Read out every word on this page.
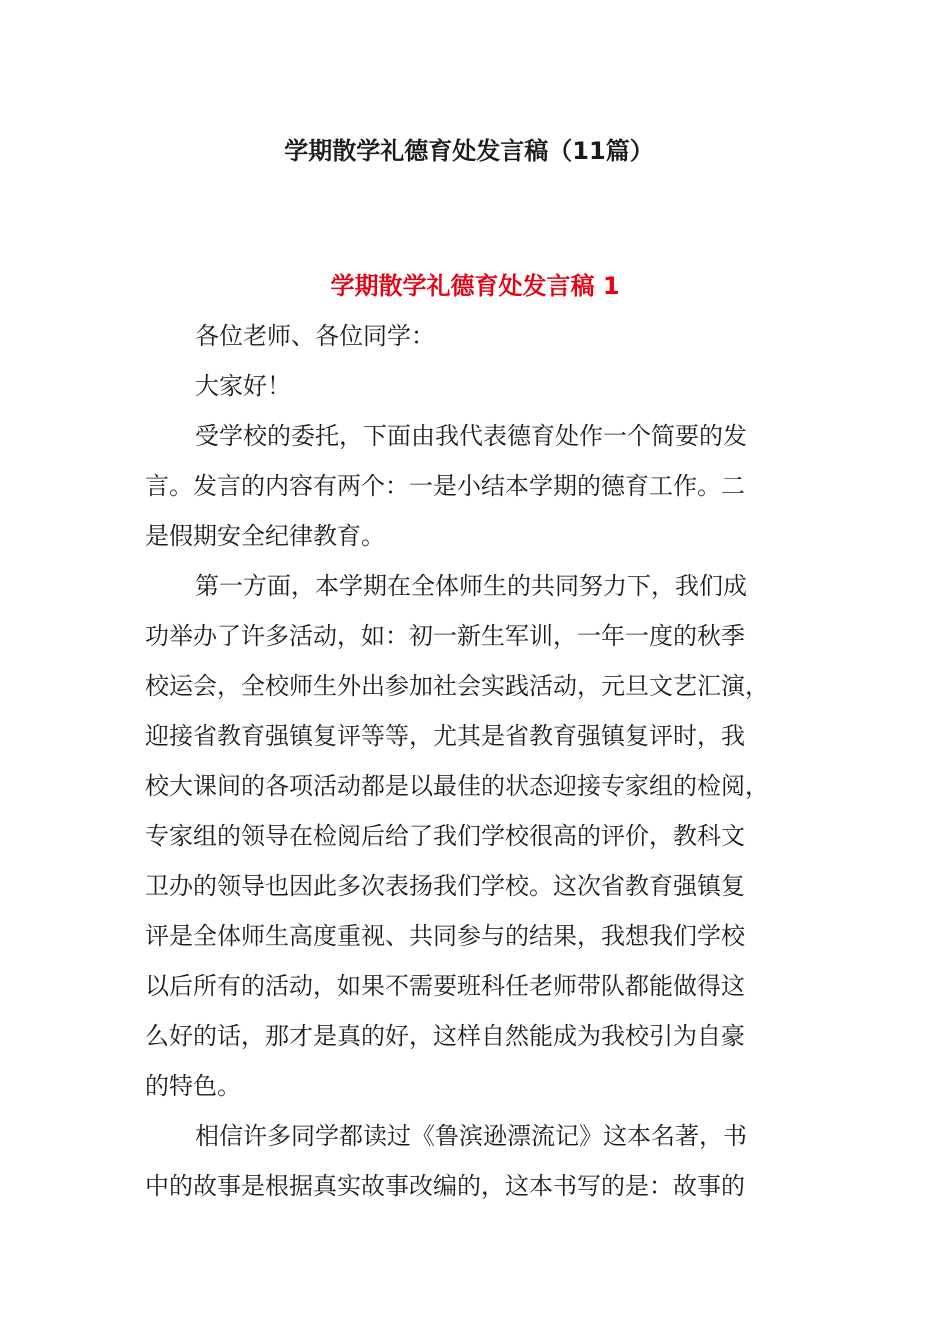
学期散学礼德育处发言稿（11篇）
学期散学礼德育处发言稿 1
各位老师、各位同学：
大家好！
受学校的委托，下面由我代表德育处作一个简要的发
言。发言的内容有两个：一是小结本学期的德育工作。二
是假期安全纪律教育。
第一方面，本学期在全体师生的共同努力下，我们成
功举办了许多活动，如：初一新生军训，一年一度的秋季
校运会，全校师生外出参加社会实践活动，元旦文艺汇演，
迎接省教育强镇复评等等，尤其是省教育强镇复评时，我
校大课间的各项活动都是以最佳的状态迎接专家组的检阅，
专家组的领导在检阅后给了我们学校很高的评价，教科文
卫办的领导也因此多次表扬我们学校。这次省教育强镇复
评是全体师生高度重视、共同参与的结果，我想我们学校
以后所有的活动，如果不需要班科任老师带队都能做得这
么好的话，那才是真的好，这样自然能成为我校引为自豪
的特色。
相信许多同学都读过《鲁滨逊漂流记》这本名著，书
中的故事是根据真实故事改编的，这本书写的是：故事的
